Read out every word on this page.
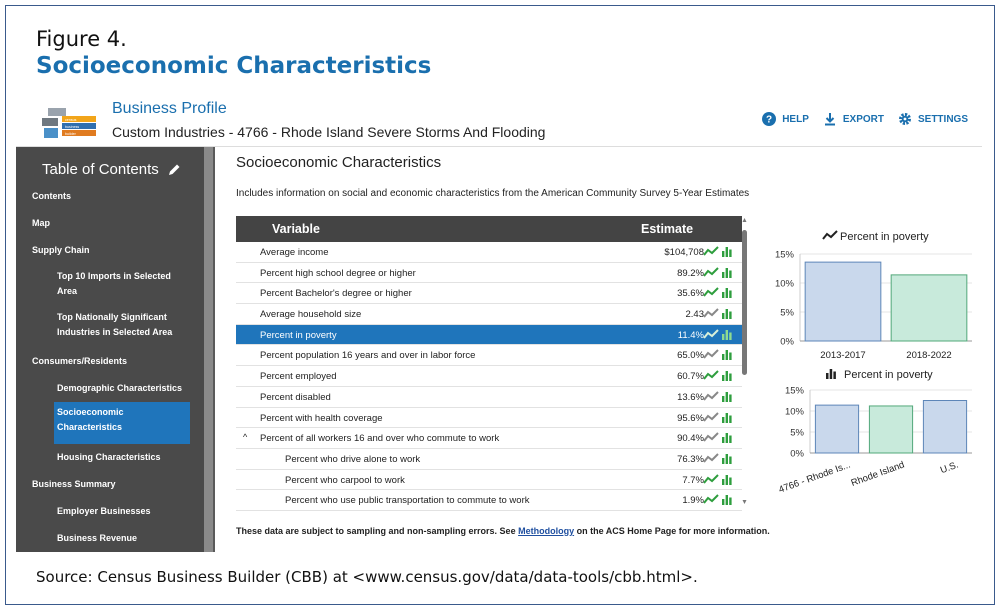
Figure 4.
Socioeconomic Characteristics
census
business
builder
Business Profile
Custom Industries - 4766 - Rhode Island Severe Storms And Flooding
? HELP	EXPORT	SETTINGS
Table of Contents
Contents
Map
Supply Chain
Top 10 Imports in Selected Area
Top Nationally Significant Industries in Selected Area
Consumers/Residents
Demographic Characteristics
Socioeconomic Characteristics
Housing Characteristics
Business Summary
Employer Businesses
Business Revenue
Socioeconomic Characteristics
Includes information on social and economic characteristics from the American Community Survey 5-Year Estimates
Variable	Estimate
Average income	$104,708
Percent high school degree or higher	89.2%
Percent Bachelor's degree or higher	35.6%
Average household size	2.43
Percent in poverty	11.4%
Percent population 16 years and over in labor force	65.0%
Percent employed	60.7%
Percent disabled	13.6%
Percent with health coverage	95.6%
^ Percent of all workers 16 and over who commute to work	90.4%
Percent who drive alone to work	76.3%
Percent who carpool to work	7.7%
Percent who use public transportation to commute to work	1.9%
These data are subject to sampling and non-sampling errors. See Methodology on the ACS Home Page for more information.
Percent in poverty
0%
5%
10%
15%
2013-2017	2018-2022
Percent in poverty
0%
5%
10%
15%
4766 - Rhode Is...
Rhode Island	U.S.
Source: Census Business Builder (CBB) at <www.census.gov/data/data-tools/cbb.html>.
